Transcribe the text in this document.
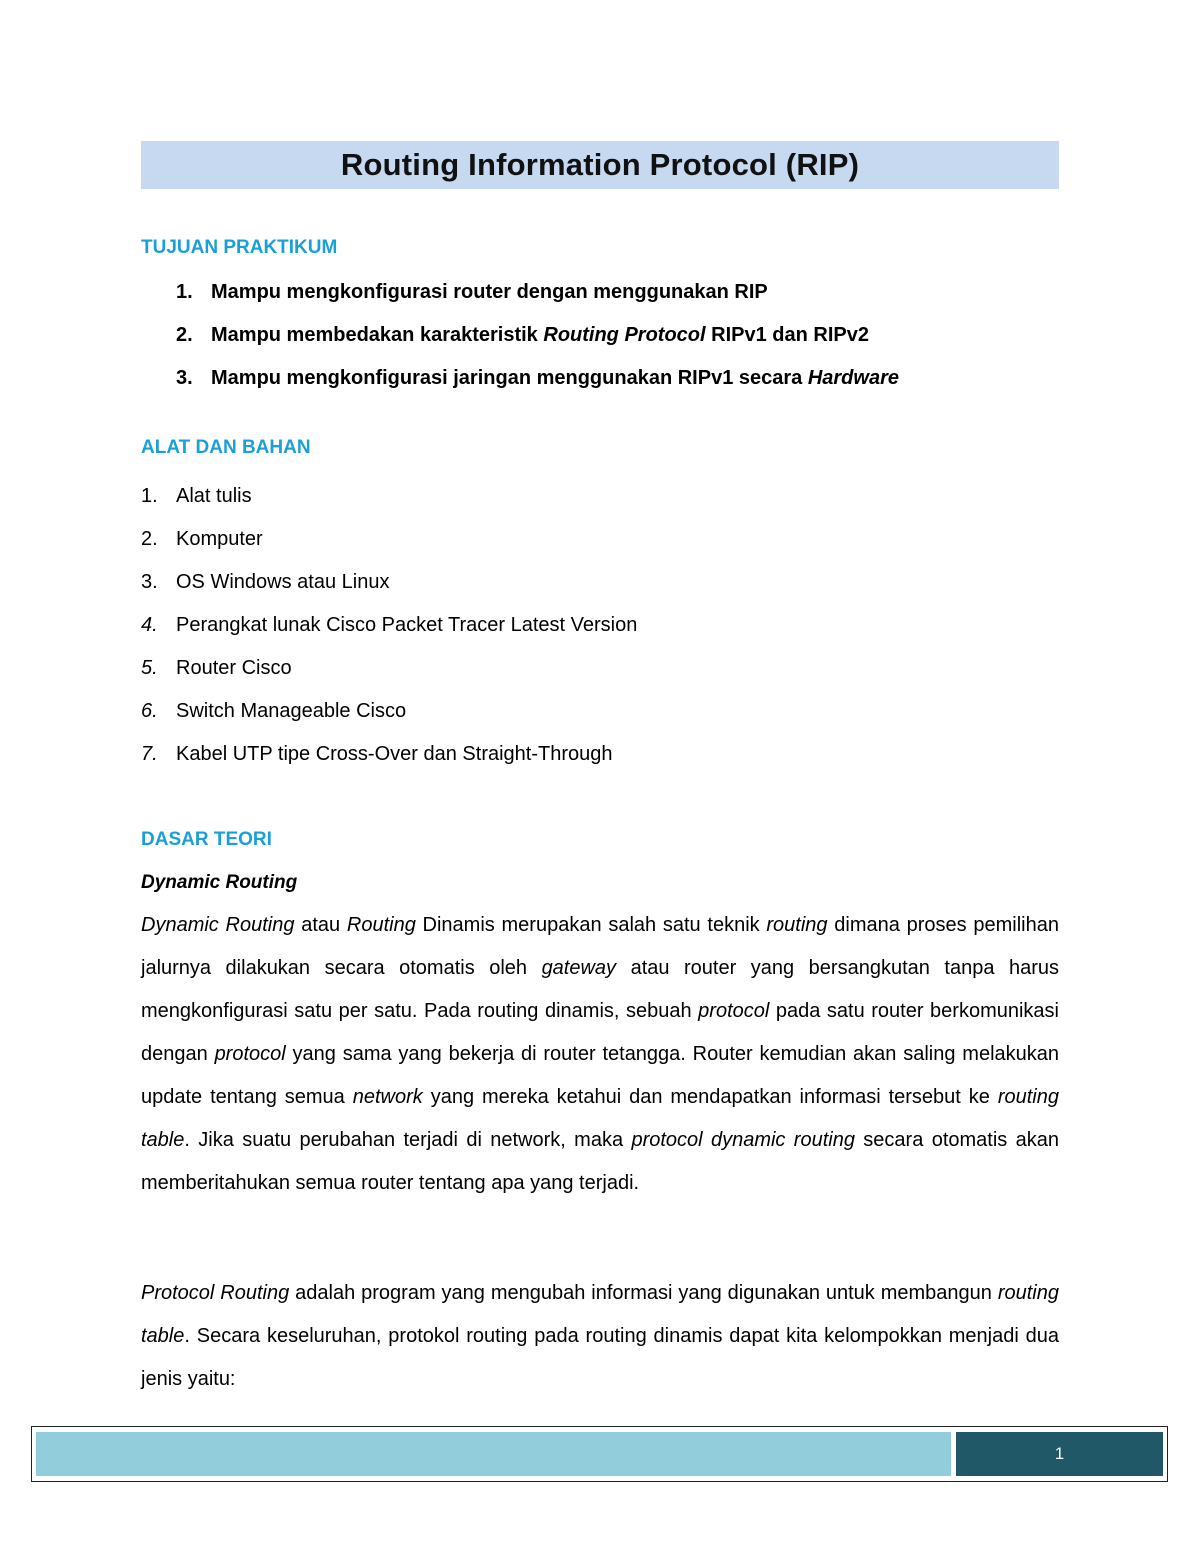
Routing Information Protocol (RIP)
TUJUAN PRAKTIKUM
1. Mampu mengkonfigurasi router dengan menggunakan RIP
2. Mampu membedakan karakteristik Routing Protocol RIPv1 dan RIPv2
3. Mampu mengkonfigurasi jaringan menggunakan RIPv1 secara Hardware
ALAT DAN BAHAN
1. Alat tulis
2. Komputer
3. OS Windows atau Linux
4. Perangkat lunak Cisco Packet Tracer Latest Version
5. Router Cisco
6. Switch Manageable Cisco
7. Kabel UTP tipe Cross-Over dan Straight-Through
DASAR TEORI
Dynamic Routing

Dynamic Routing atau Routing Dinamis merupakan salah satu teknik routing dimana proses pemilihan jalurnya dilakukan secara otomatis oleh gateway atau router yang bersangkutan tanpa harus mengkonfigurasi satu per satu. Pada routing dinamis, sebuah protocol pada satu router berkomunikasi dengan protocol yang sama yang bekerja di router tetangga. Router kemudian akan saling melakukan update tentang semua network yang mereka ketahui dan mendapatkan informasi tersebut ke routing table. Jika suatu perubahan terjadi di network, maka protocol dynamic routing secara otomatis akan memberitahukan semua router tentang apa yang terjadi.

Protocol Routing adalah program yang mengubah informasi yang digunakan untuk membangun routing table. Secara keseluruhan, protokol routing pada routing dinamis dapat kita kelompokkan menjadi dua jenis yaitu:

1
